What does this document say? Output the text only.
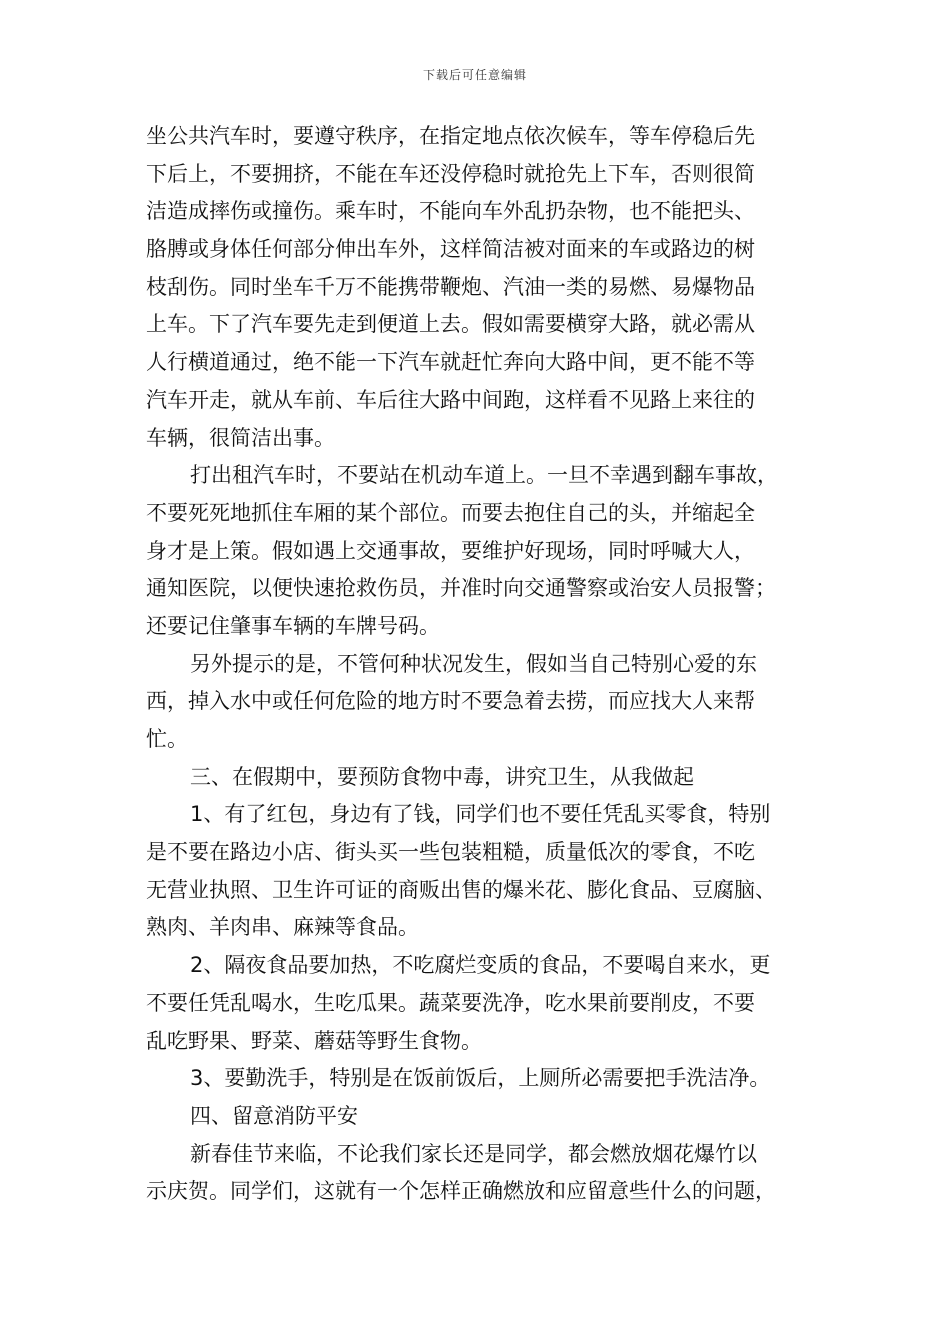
下载后可任意编辑
坐公共汽车时，要遵守秩序，在指定地点依次候车，等车停稳后先
下后上，不要拥挤，不能在车还没停稳时就抢先上下车，否则很简
洁造成摔伤或撞伤。乘车时，不能向车外乱扔杂物，也不能把头、
胳膊或身体任何部分伸出车外，这样简洁被对面来的车或路边的树
枝刮伤。同时坐车千万不能携带鞭炮、汽油一类的易燃、易爆物品
上车。下了汽车要先走到便道上去。假如需要横穿大路，就必需从
人行横道通过，绝不能一下汽车就赶忙奔向大路中间，更不能不等
汽车开走，就从车前、车后往大路中间跑，这样看不见路上来往的
车辆，很简洁出事。
打出租汽车时，不要站在机动车道上。一旦不幸遇到翻车事故，
不要死死地抓住车厢的某个部位。而要去抱住自己的头，并缩起全
身才是上策。假如遇上交通事故，要维护好现场，同时呼喊大人，
通知医院，以便快速抢救伤员，并准时向交通警察或治安人员报警；
还要记住肇事车辆的车牌号码。
另外提示的是，不管何种状况发生，假如当自己特别心爱的东
西，掉入水中或任何危险的地方时不要急着去捞，而应找大人来帮
忙。
三、在假期中，要预防食物中毒，讲究卫生，从我做起
1、有了红包，身边有了钱，同学们也不要任凭乱买零食，特别
是不要在路边小店、街头买一些包装粗糙，质量低次的零食，不吃
无营业执照、卫生许可证的商贩出售的爆米花、膨化食品、豆腐脑、
熟肉、羊肉串、麻辣等食品。
2、隔夜食品要加热，不吃腐烂变质的食品，不要喝自来水，更
不要任凭乱喝水，生吃瓜果。蔬菜要洗净，吃水果前要削皮，不要
乱吃野果、野菜、蘑菇等野生食物。
3、要勤洗手，特别是在饭前饭后，上厕所必需要把手洗洁净。
四、留意消防平安
新春佳节来临，不论我们家长还是同学，都会燃放烟花爆竹以
示庆贺。同学们，这就有一个怎样正确燃放和应留意些什么的问题，
